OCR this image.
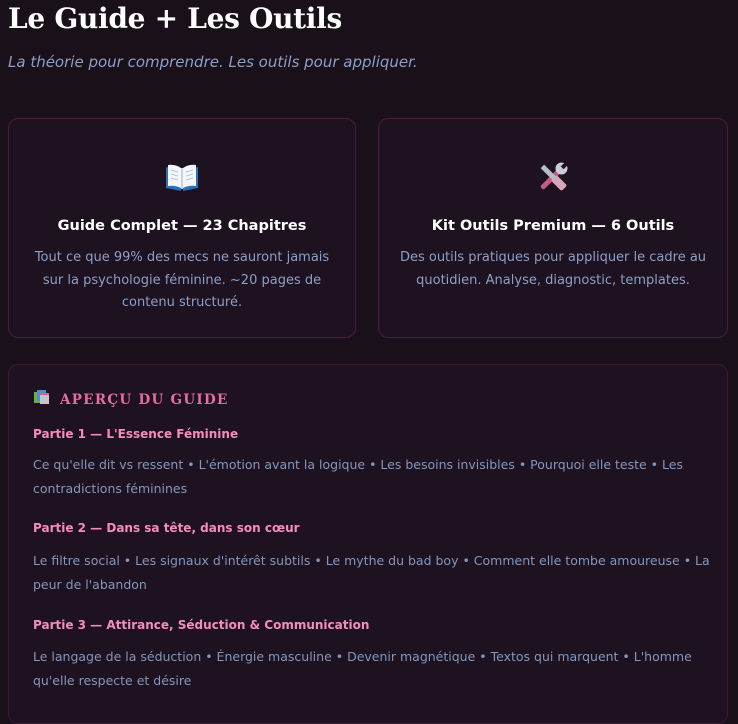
Le Guide + Les Outils

La théorie pour comprendre. Les outils pour appliquer.

Guide Complet — 23 Chapitres
Tout ce que 99% des mecs ne sauront jamais sur la psychologie féminine. ~20 pages de contenu structuré.
Kit Outils Premium — 6 Outils
Des outils pratiques pour appliquer le cadre au quotidien. Analyse, diagnostic, templates.
APERÇU DU GUIDE
Partie 1 — L'Essence Féminine
Ce qu'elle dit vs ressent • L'émotion avant la logique • Les besoins invisibles • Pourquoi elle teste • Les contradictions féminines
Partie 2 — Dans sa tête, dans son cœur
Le filtre social • Les signaux d'intérêt subtils • Le mythe du bad boy • Comment elle tombe amoureuse • La peur de l'abandon
Partie 3 — Attirance, Séduction & Communication
Le langage de la séduction • Énergie masculine • Devenir magnétique • Textos qui marquent • L'homme qu'elle respecte et désire
